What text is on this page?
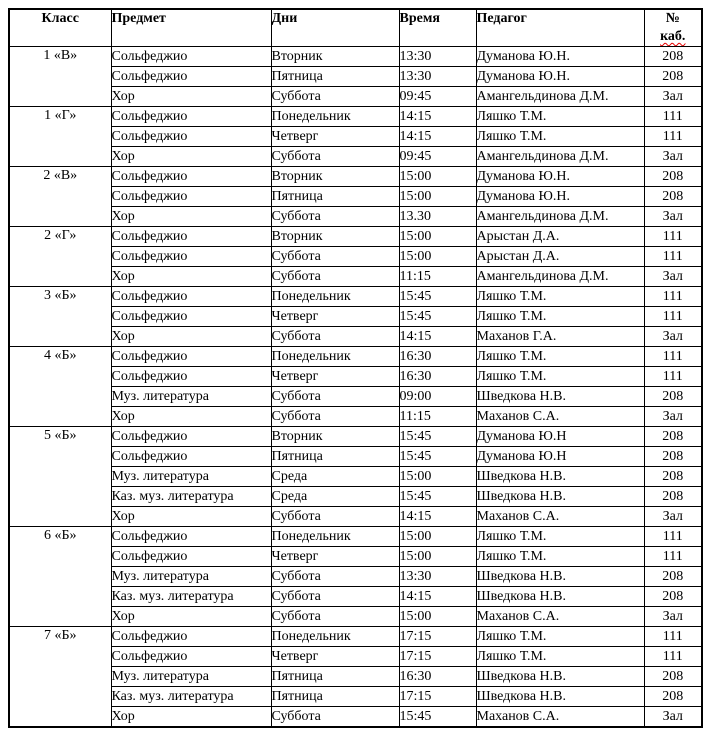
Класс	Предмет	Дни	Время	Педагог	№
каб.
1 «В»	Сольфеджио	Вторник	13:30	Думанова Ю.Н.	208
	Сольфеджио	Пятница	13:30	Думанова Ю.Н.	208
	Хор	Суббота	09:45	Амангельдинова Д.М.	Зал
1 «Г»	Сольфеджио	Понедельник	14:15	Ляшко Т.М.	111
	Сольфеджио	Четверг	14:15	Ляшко Т.М.	111
	Хор	Суббота	09:45	Амангельдинова Д.М.	Зал
2 «В»	Сольфеджио	Вторник	15:00	Думанова Ю.Н.	208
	Сольфеджио	Пятница	15:00	Думанова Ю.Н.	208
	Хор	Суббота	13.30	Амангельдинова Д.М.	Зал
2 «Г»	Сольфеджио	Вторник	15:00	Арыстан Д.А.	111
	Сольфеджио	Суббота	15:00	Арыстан Д.А.	111
	Хор	Суббота	11:15	Амангельдинова Д.М.	Зал
3 «Б»	Сольфеджио	Понедельник	15:45	Ляшко Т.М.	111
	Сольфеджио	Четверг	15:45	Ляшко Т.М.	111
	Хор	Суббота	14:15	Маханов Г.А.	Зал
4 «Б»	Сольфеджио	Понедельник	16:30	Ляшко Т.М.	111
	Сольфеджио	Четверг	16:30	Ляшко Т.М.	111
	Муз. литература	Суббота	09:00	Шведкова Н.В.	208
	Хор	Суббота	11:15	Маханов С.А.	Зал
5 «Б»	Сольфеджио	Вторник	15:45	Думанова Ю.Н	208
	Сольфеджио	Пятница	15:45	Думанова Ю.Н	208
	Муз. литература	Среда	15:00	Шведкова Н.В.	208
	Каз. муз. литература	Среда	15:45	Шведкова Н.В.	208
	Хор	Суббота	14:15	Маханов С.А.	Зал
6 «Б»	Сольфеджио	Понедельник	15:00	Ляшко Т.М.	111
	Сольфеджио	Четверг	15:00	Ляшко Т.М.	111
	Муз. литература	Суббота	13:30	Шведкова Н.В.	208
	Каз. муз. литература	Суббота	14:15	Шведкова Н.В.	208
	Хор	Суббота	15:00	Маханов С.А.	Зал
7 «Б»	Сольфеджио	Понедельник	17:15	Ляшко Т.М.	111
	Сольфеджио	Четверг	17:15	Ляшко Т.М.	111
	Муз. литература	Пятница	16:30	Шведкова Н.В.	208
	Каз. муз. литература	Пятница	17:15	Шведкова Н.В.	208
	Хор	Суббота	15:45	Маханов С.А.	Зал
